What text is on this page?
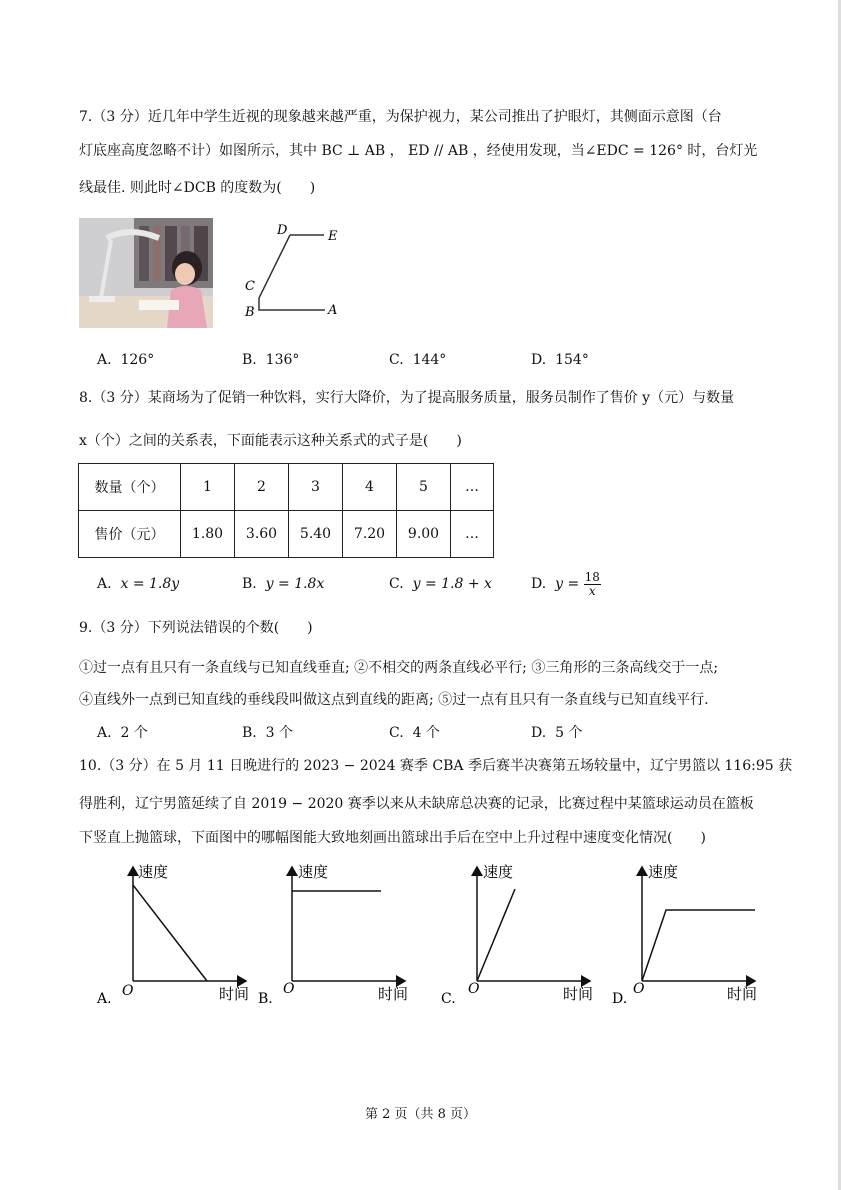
7.（3 分）近几年中学生近视的现象越来越严重，为保护视力，某公司推出了护眼灯，其侧面示意图（台
灯底座高度忽略不计）如图所示，其中 BC ⊥ AB ， ED // AB ，经使用发现，当∠EDC = 126° 时，台灯光
线最佳. 则此时∠DCB 的度数为(　　)
D	E
C
B	A
A. 126°	B. 136°	C. 144°	D. 154°
8.（3 分）某商场为了促销一种饮料，实行大降价，为了提高服务质量，服务员制作了售价 y（元）与数量
x（个）之间的关系表，下面能表示这种关系式的式子是(　　)
数量（个）	1	2	3	4	5	…
售价（元）	1.80	3.60	5.40	7.20	9.00	…
A. x = 1.8y	B. y = 1.8x	C. y = 1.8 + x	D. $y = \frac{18}{x}$
9.（3 分）下列说法错误的个数(　　)
①过一点有且只有一条直线与已知直线垂直; ②不相交的两条直线必平行; ③三角形的三条高线交于一点;
④直线外一点到已知直线的垂线段叫做这点到直线的距离; ⑤过一点有且只有一条直线与已知直线平行.
A. 2 个	B. 3 个	C. 4 个	D. 5 个
10.（3 分）在 5 月 11 日晚进行的 2023 − 2024 赛季 CBA 季后赛半决赛第五场较量中，辽宁男篮以 116:95 获
得胜利，辽宁男篮延续了自 2019 − 2020 赛季以来从未缺席总决赛的记录，比赛过程中某篮球运动员在篮板
下竖直上抛篮球，下面图中的哪幅图能大致地刻画出篮球出手后在空中上升过程中速度变化情况(　　)
速度
时间
O
A.
速度
时间
O
B.
速度
时间
O
C.
速度
时间
O
D.
第 2 页（共 8 页）
